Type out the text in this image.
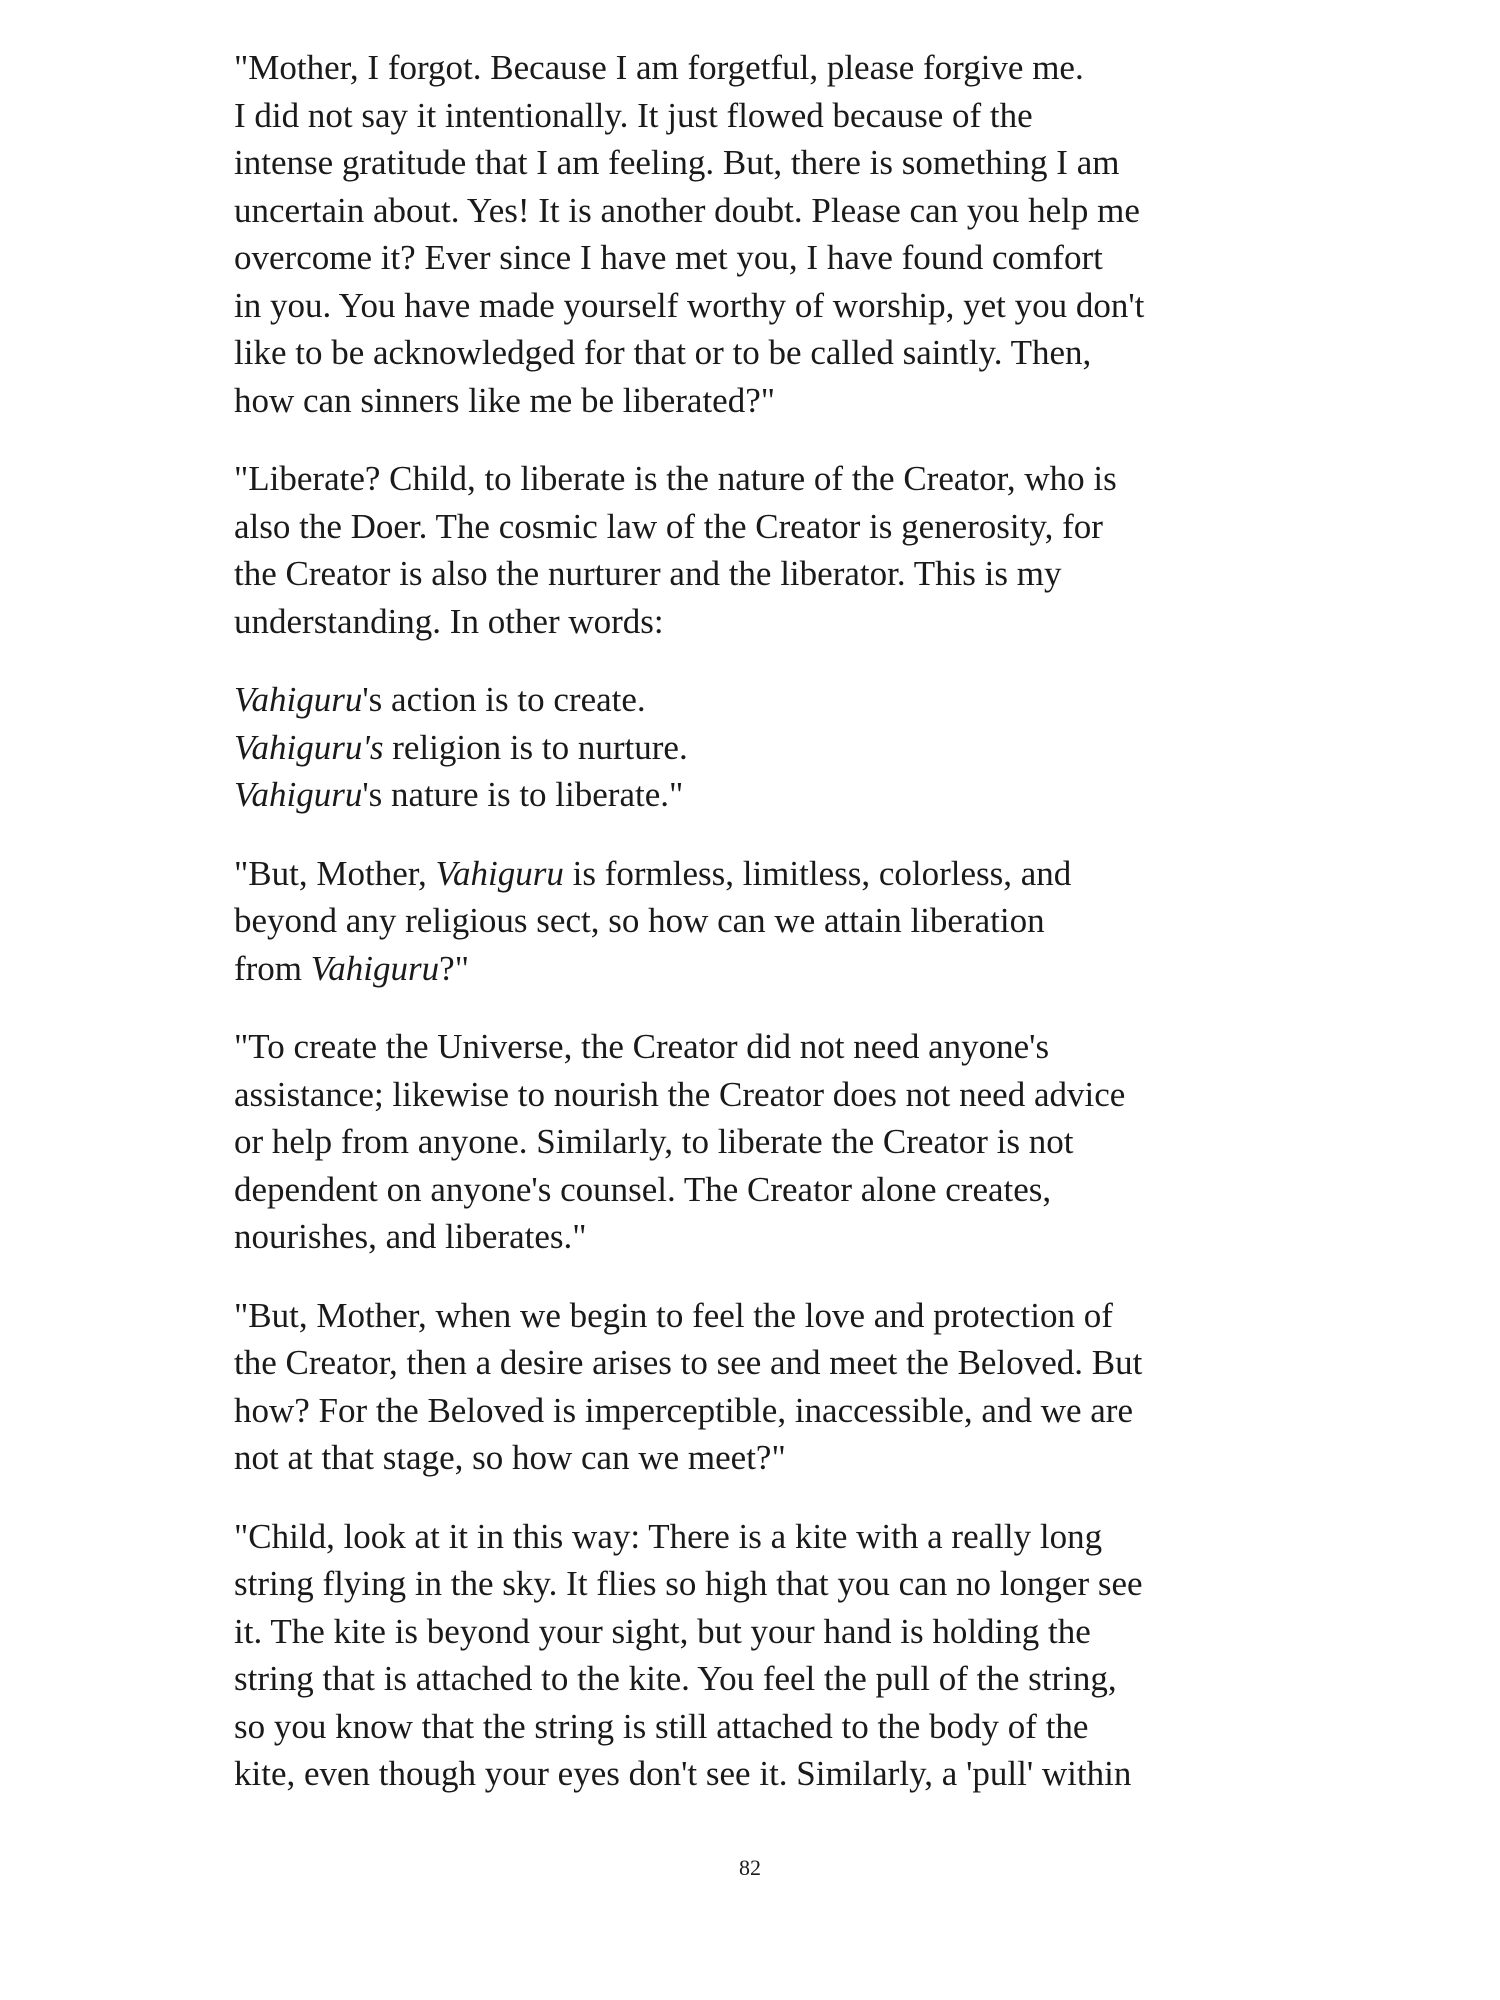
"Mother, I forgot. Because I am forgetful, please forgive me.
I did not say it intentionally. It just flowed because of the
intense gratitude that I am feeling. But, there is something I am
uncertain about. Yes! It is another doubt. Please can you help me
overcome it? Ever since I have met you, I have found comfort
in you. You have made yourself worthy of worship, yet you don't
like to be acknowledged for that or to be called saintly. Then,
how can sinners like me be liberated?"

"Liberate? Child, to liberate is the nature of the Creator, who is
also the Doer. The cosmic law of the Creator is generosity, for
the Creator is also the nurturer and the liberator. This is my
understanding. In other words:

Vahiguru's action is to create.
Vahiguru's religion is to nurture.
Vahiguru's nature is to liberate."

"But, Mother, Vahiguru is formless, limitless, colorless, and
beyond any religious sect, so how can we attain liberation
from Vahiguru?"

"To create the Universe, the Creator did not need anyone's
assistance; likewise to nourish the Creator does not need advice
or help from anyone. Similarly, to liberate the Creator is not
dependent on anyone's counsel. The Creator alone creates,
nourishes, and liberates."

"But, Mother, when we begin to feel the love and protection of
the Creator, then a desire arises to see and meet the Beloved. But
how? For the Beloved is imperceptible, inaccessible, and we are
not at that stage, so how can we meet?"

"Child, look at it in this way: There is a kite with a really long
string flying in the sky. It flies so high that you can no longer see
it. The kite is beyond your sight, but your hand is holding the
string that is attached to the kite. You feel the pull of the string,
so you know that the string is still attached to the body of the
kite, even though your eyes don't see it. Similarly, a 'pull' within

82
